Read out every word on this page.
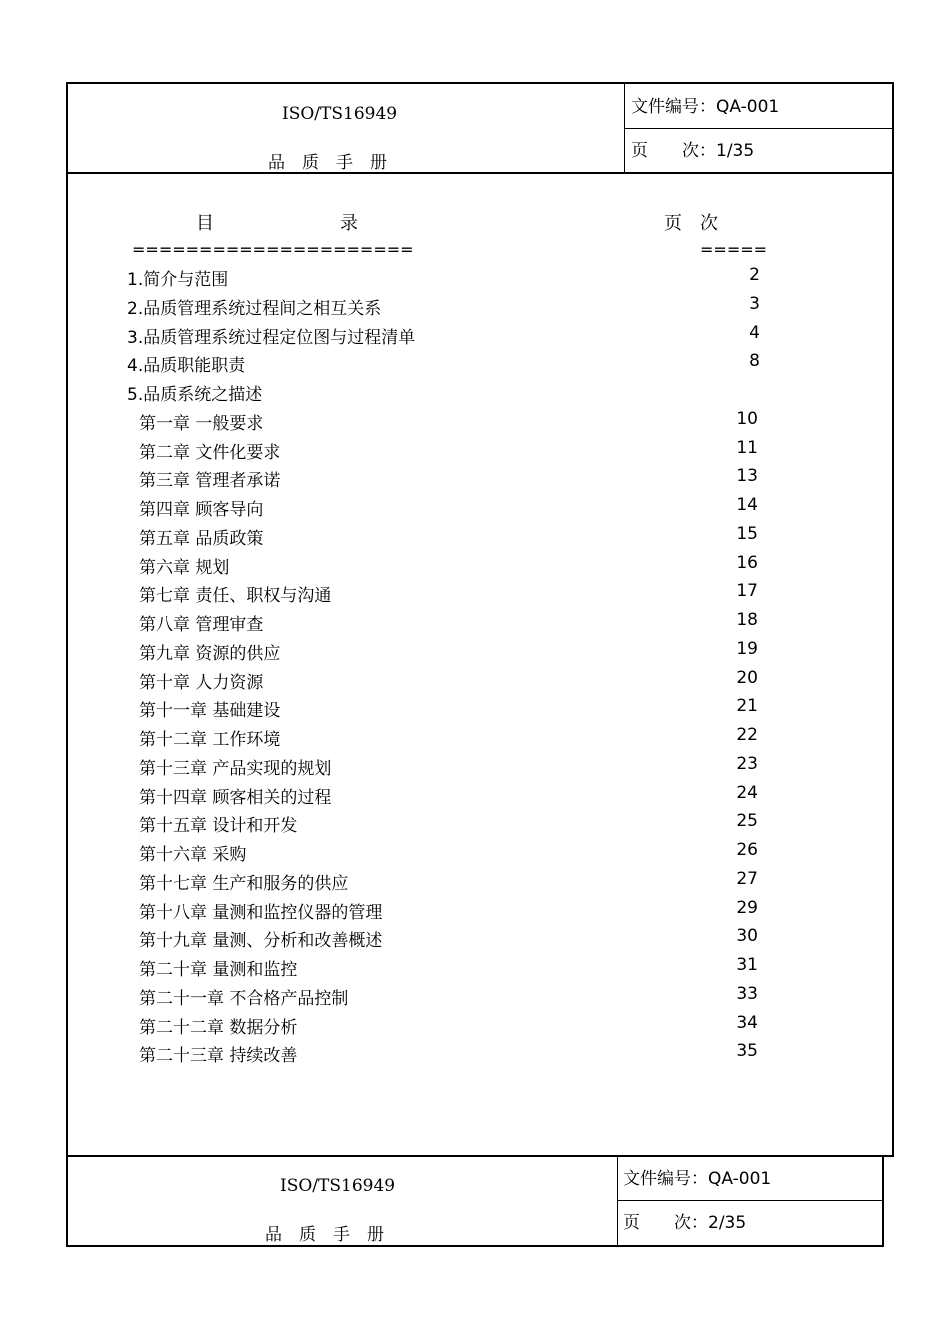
ISO/TS16949
品　质　手　册
文件编号：QA-001
页　　次：1/35
目　　　　　　　录	页　次
=====================	=====
1.简介与范围	2
2.品质管理系统过程间之相互关系	3
3.品质管理系统过程定位图与过程清单	4
4.品质职能职责	8
5.品质系统之描述
第一章 一般要求	10
第二章 文件化要求	11
第三章 管理者承诺	13
第四章 顾客导向	14
第五章 品质政策	15
第六章 规划	16
第七章 责任、职权与沟通	17
第八章 管理审查	18
第九章 资源的供应	19
第十章 人力资源	20
第十一章 基础建设	21
第十二章 工作环境	22
第十三章 产品实现的规划	23
第十四章 顾客相关的过程	24
第十五章 设计和开发	25
第十六章 采购	26
第十七章 生产和服务的供应	27
第十八章 量测和监控仪器的管理	29
第十九章 量测、分析和改善概述	30
第二十章 量测和监控	31
第二十一章 不合格产品控制	33
第二十二章 数据分析	34
第二十三章 持续改善	35
ISO/TS16949
品　质　手　册
文件编号：QA-001
页　　次：2/35
